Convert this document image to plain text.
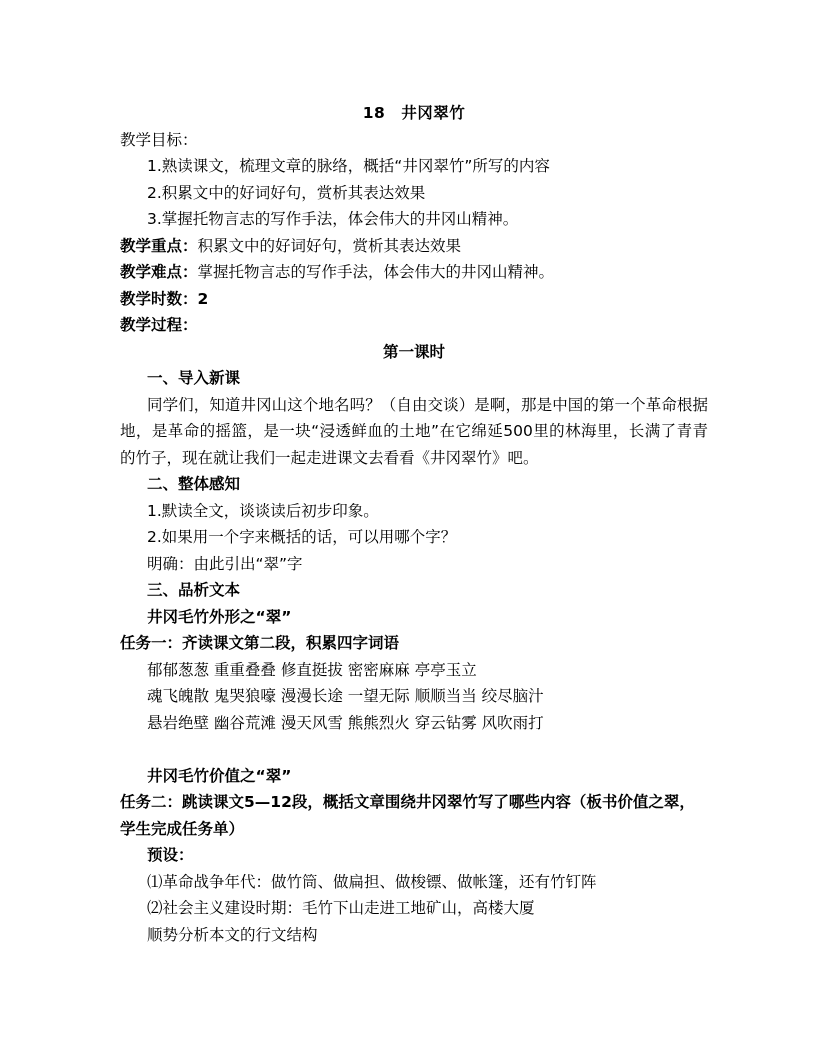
18　井冈翠竹
教学目标：
1.熟读课文，梳理文章的脉络，概括“井冈翠竹”所写的内容
2.积累文中的好词好句，赏析其表达效果
3.掌握托物言志的写作手法，体会伟大的井冈山精神。
教学重点：积累文中的好词好句，赏析其表达效果
教学难点：掌握托物言志的写作手法，体会伟大的井冈山精神。
教学时数：2
教学过程：
第一课时
一、导入新课
同学们，知道井冈山这个地名吗？（自由交谈）是啊，那是中国的第一个革命根据地，是革命的摇篮，是一块“浸透鲜血的土地”在它绵延500里的林海里，长满了青青的竹子，现在就让我们一起走进课文去看看《井冈翠竹》吧。
二、整体感知
1.默读全文，谈谈读后初步印象。
2.如果用一个字来概括的话，可以用哪个字？
明确：由此引出“翠”字
三、品析文本
井冈毛竹外形之“翠”
任务一：齐读课文第二段，积累四字词语
郁郁葱葱 重重叠叠 修直挺拔 密密麻麻 亭亭玉立
魂飞魄散 鬼哭狼嚎 漫漫长途 一望无际 顺顺当当 绞尽脑汁
悬岩绝壁 幽谷荒滩 漫天风雪 熊熊烈火 穿云钻雾 风吹雨打
井冈毛竹价值之“翠”
任务二：跳读课文5—12段，概括文章围绕井冈翠竹写了哪些内容（板书价值之翠，学生完成任务单）
预设：
⑴革命战争年代：做竹筒、做扁担、做梭镖、做帐篷，还有竹钉阵
⑵社会主义建设时期：毛竹下山走进工地矿山，高楼大厦
顺势分析本文的行文结构
